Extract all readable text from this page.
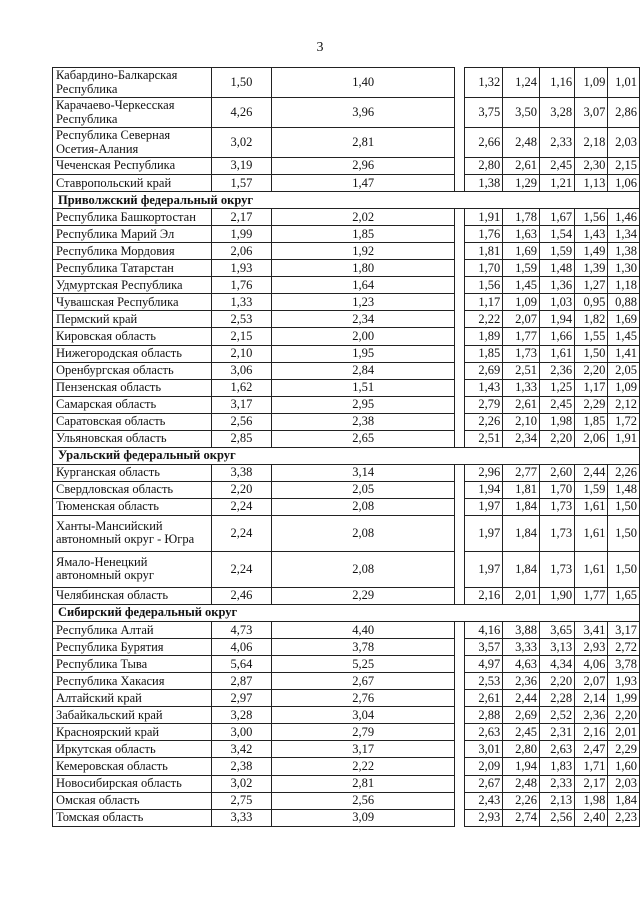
3
Кабардино-Балкарская Республика	1,50	1,40		1,32	1,24	1,16	1,09	1,01
Карачаево-Черкесская Республика	4,26	3,96		3,75	3,50	3,28	3,07	2,86
Республика Северная Осетия-Алания	3,02	2,81		2,66	2,48	2,33	2,18	2,03
Чеченская Республика	3,19	2,96		2,80	2,61	2,45	2,30	2,15
Ставропольский край	1,57	1,47		1,38	1,29	1,21	1,13	1,06
Приволжский федеральный округ								
Республика Башкортостан	2,17	2,02		1,91	1,78	1,67	1,56	1,46
Республика Марий Эл	1,99	1,85		1,76	1,63	1,54	1,43	1,34
Республика Мордовия	2,06	1,92		1,81	1,69	1,59	1,49	1,38
Республика Татарстан	1,93	1,80		1,70	1,59	1,48	1,39	1,30
Удмуртская Республика	1,76	1,64		1,56	1,45	1,36	1,27	1,18
Чувашская Республика	1,33	1,23		1,17	1,09	1,03	0,95	0,88
Пермский край	2,53	2,34		2,22	2,07	1,94	1,82	1,69
Кировская область	2,15	2,00		1,89	1,77	1,66	1,55	1,45
Нижегородская область	2,10	1,95		1,85	1,73	1,61	1,50	1,41
Оренбургская область	3,06	2,84		2,69	2,51	2,36	2,20	2,05
Пензенская область	1,62	1,51		1,43	1,33	1,25	1,17	1,09
Самарская область	3,17	2,95		2,79	2,61	2,45	2,29	2,12
Саратовская область	2,56	2,38		2,26	2,10	1,98	1,85	1,72
Ульяновская область	2,85	2,65		2,51	2,34	2,20	2,06	1,91
Уральский федеральный округ								
Курганская область	3,38	3,14		2,96	2,77	2,60	2,44	2,26
Свердловская область	2,20	2,05		1,94	1,81	1,70	1,59	1,48
Тюменская область	2,24	2,08		1,97	1,84	1,73	1,61	1,50
Ханты-Мансийский автономный округ - Югра	2,24	2,08		1,97	1,84	1,73	1,61	1,50
Ямало-Ненецкий автономный округ	2,24	2,08		1,97	1,84	1,73	1,61	1,50
Челябинская область	2,46	2,29		2,16	2,01	1,90	1,77	1,65
Сибирский федеральный округ								
Республика Алтай	4,73	4,40		4,16	3,88	3,65	3,41	3,17
Республика Бурятия	4,06	3,78		3,57	3,33	3,13	2,93	2,72
Республика Тыва	5,64	5,25		4,97	4,63	4,34	4,06	3,78
Республика Хакасия	2,87	2,67		2,53	2,36	2,20	2,07	1,93
Алтайский край	2,97	2,76		2,61	2,44	2,28	2,14	1,99
Забайкальский край	3,28	3,04		2,88	2,69	2,52	2,36	2,20
Красноярский край	3,00	2,79		2,63	2,45	2,31	2,16	2,01
Иркутская область	3,42	3,17		3,01	2,80	2,63	2,47	2,29
Кемеровская область	2,38	2,22		2,09	1,94	1,83	1,71	1,60
Новосибирская область	3,02	2,81		2,67	2,48	2,33	2,17	2,03
Омская область	2,75	2,56		2,43	2,26	2,13	1,98	1,84
Томская область	3,33	3,09		2,93	2,74	2,56	2,40	2,23
